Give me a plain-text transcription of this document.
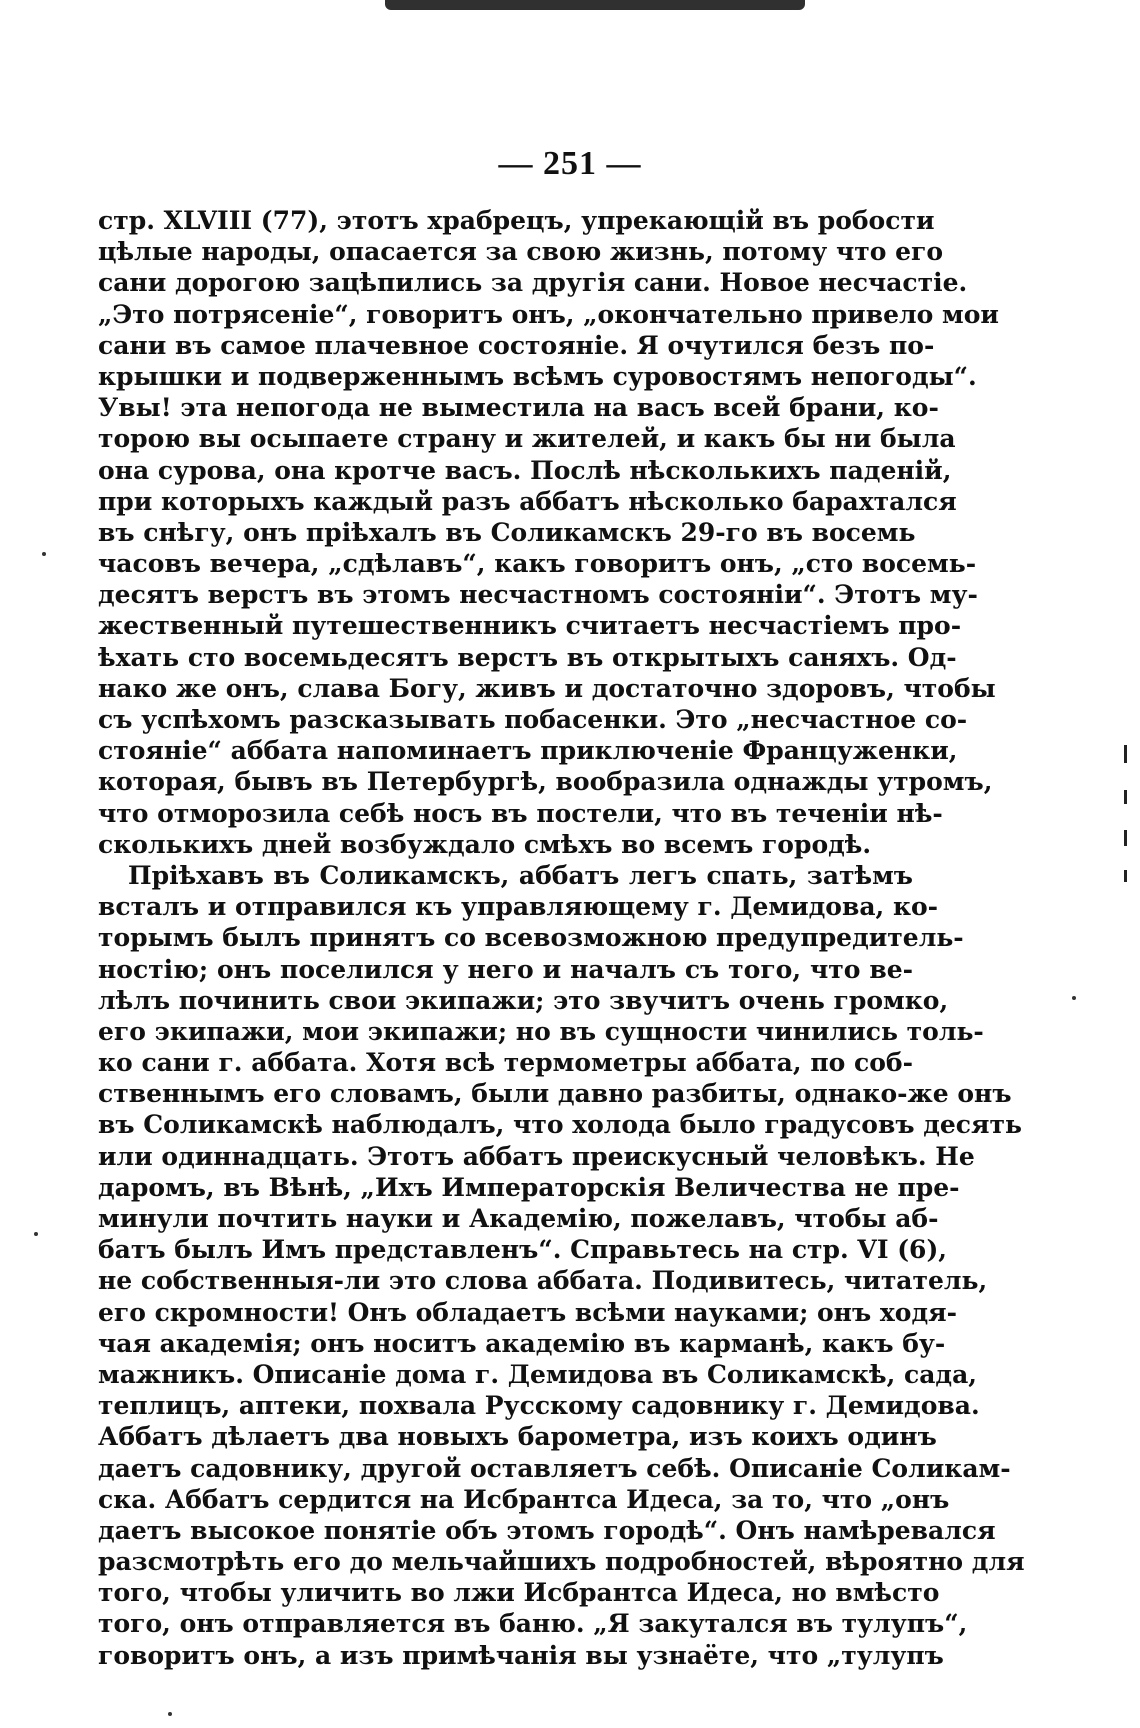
— 251 —
стр. XLVIII (77), этотъ храбрецъ, упрекающій въ робости
цѣлые народы, опасается за свою жизнь, потому что его
сани дорогою зацѣпились за другія сани. Новое несчастіе.
„Это потрясеніе“, говоритъ онъ, „окончательно привело мои
сани въ самое плачевное состояніе. Я очутился безъ по-
крышки и подверженнымъ всѣмъ суровостямъ непогоды“.
Увы! эта непогода не выместила на васъ всей брани, ко-
торою вы осыпаете страну и жителей, и какъ бы ни была
она сурова, она кротче васъ. Послѣ нѣсколькихъ паденій,
при которыхъ каждый разъ аббатъ нѣсколько барахтался
въ снѣгу, онъ пріѣхалъ въ Соликамскъ 29-го въ восемь
часовъ вечера, „сдѣлавъ“, какъ говоритъ онъ, „сто восемь-
десятъ верстъ въ этомъ несчастномъ состояніи“. Этотъ му-
жественный путешественникъ считаетъ несчастіемъ про-
ѣхать сто восемьдесятъ верстъ въ открытыхъ саняхъ. Од-
нако же онъ, слава Богу, живъ и достаточно здоровъ, чтобы
съ успѣхомъ разсказывать побасенки. Это „несчастное со-
стояніе“ аббата напоминаетъ приключеніе Француженки,
которая, бывъ въ Петербургѣ, вообразила однажды утромъ,
что отморозила себѣ носъ въ постели, что въ теченіи нѣ-
сколькихъ дней возбуждало смѣхъ во всемъ городѣ.
Пріѣхавъ въ Соликамскъ, аббатъ легъ спать, затѣмъ
всталъ и отправился къ управляющему г. Демидова, ко-
торымъ былъ принятъ со всевозможною предупредитель-
ностію; онъ поселился у него и началъ съ того, что ве-
лѣлъ починить свои экипажи; это звучитъ очень громко,
его экипажи, мои экипажи; но въ сущности чинились толь-
ко сани г. аббата. Хотя всѣ термометры аббата, по соб-
ственнымъ его словамъ, были давно разбиты, однако-же онъ
въ Соликамскѣ наблюдалъ, что холода было градусовъ десять
или одиннадцать. Этотъ аббатъ преискусный человѣкъ. Не
даромъ, въ Вѣнѣ, „Ихъ Императорскія Величества не пре-
минули почтить науки и Академію, пожелавъ, чтобы аб-
батъ былъ Имъ представленъ“. Справьтесь на стр. VI (6),
не собственныя-ли это слова аббата. Подивитесь, читатель,
его скромности! Онъ обладаетъ всѣми науками; онъ ходя-
чая академія; онъ носитъ академію въ карманѣ, какъ бу-
мажникъ. Описаніе дома г. Демидова въ Соликамскѣ, сада,
теплицъ, аптеки, похвала Русскому садовнику г. Демидова.
Аббатъ дѣлаетъ два новыхъ барометра, изъ коихъ одинъ
даетъ садовнику, другой оставляетъ себѣ. Описаніе Соликам-
ска. Аббатъ сердится на Исбрантса Идеса, за то, что „онъ
даетъ высокое понятіе объ этомъ городѣ“. Онъ намѣревался
разсмотрѣть его до мельчайшихъ подробностей, вѣроятно для
того, чтобы уличить во лжи Исбрантса Идеса, но вмѣсто
того, онъ отправляется въ баню. „Я закутался въ тулупъ“,
говоритъ онъ, а изъ примѣчанія вы узнаёте, что „тулупъ
